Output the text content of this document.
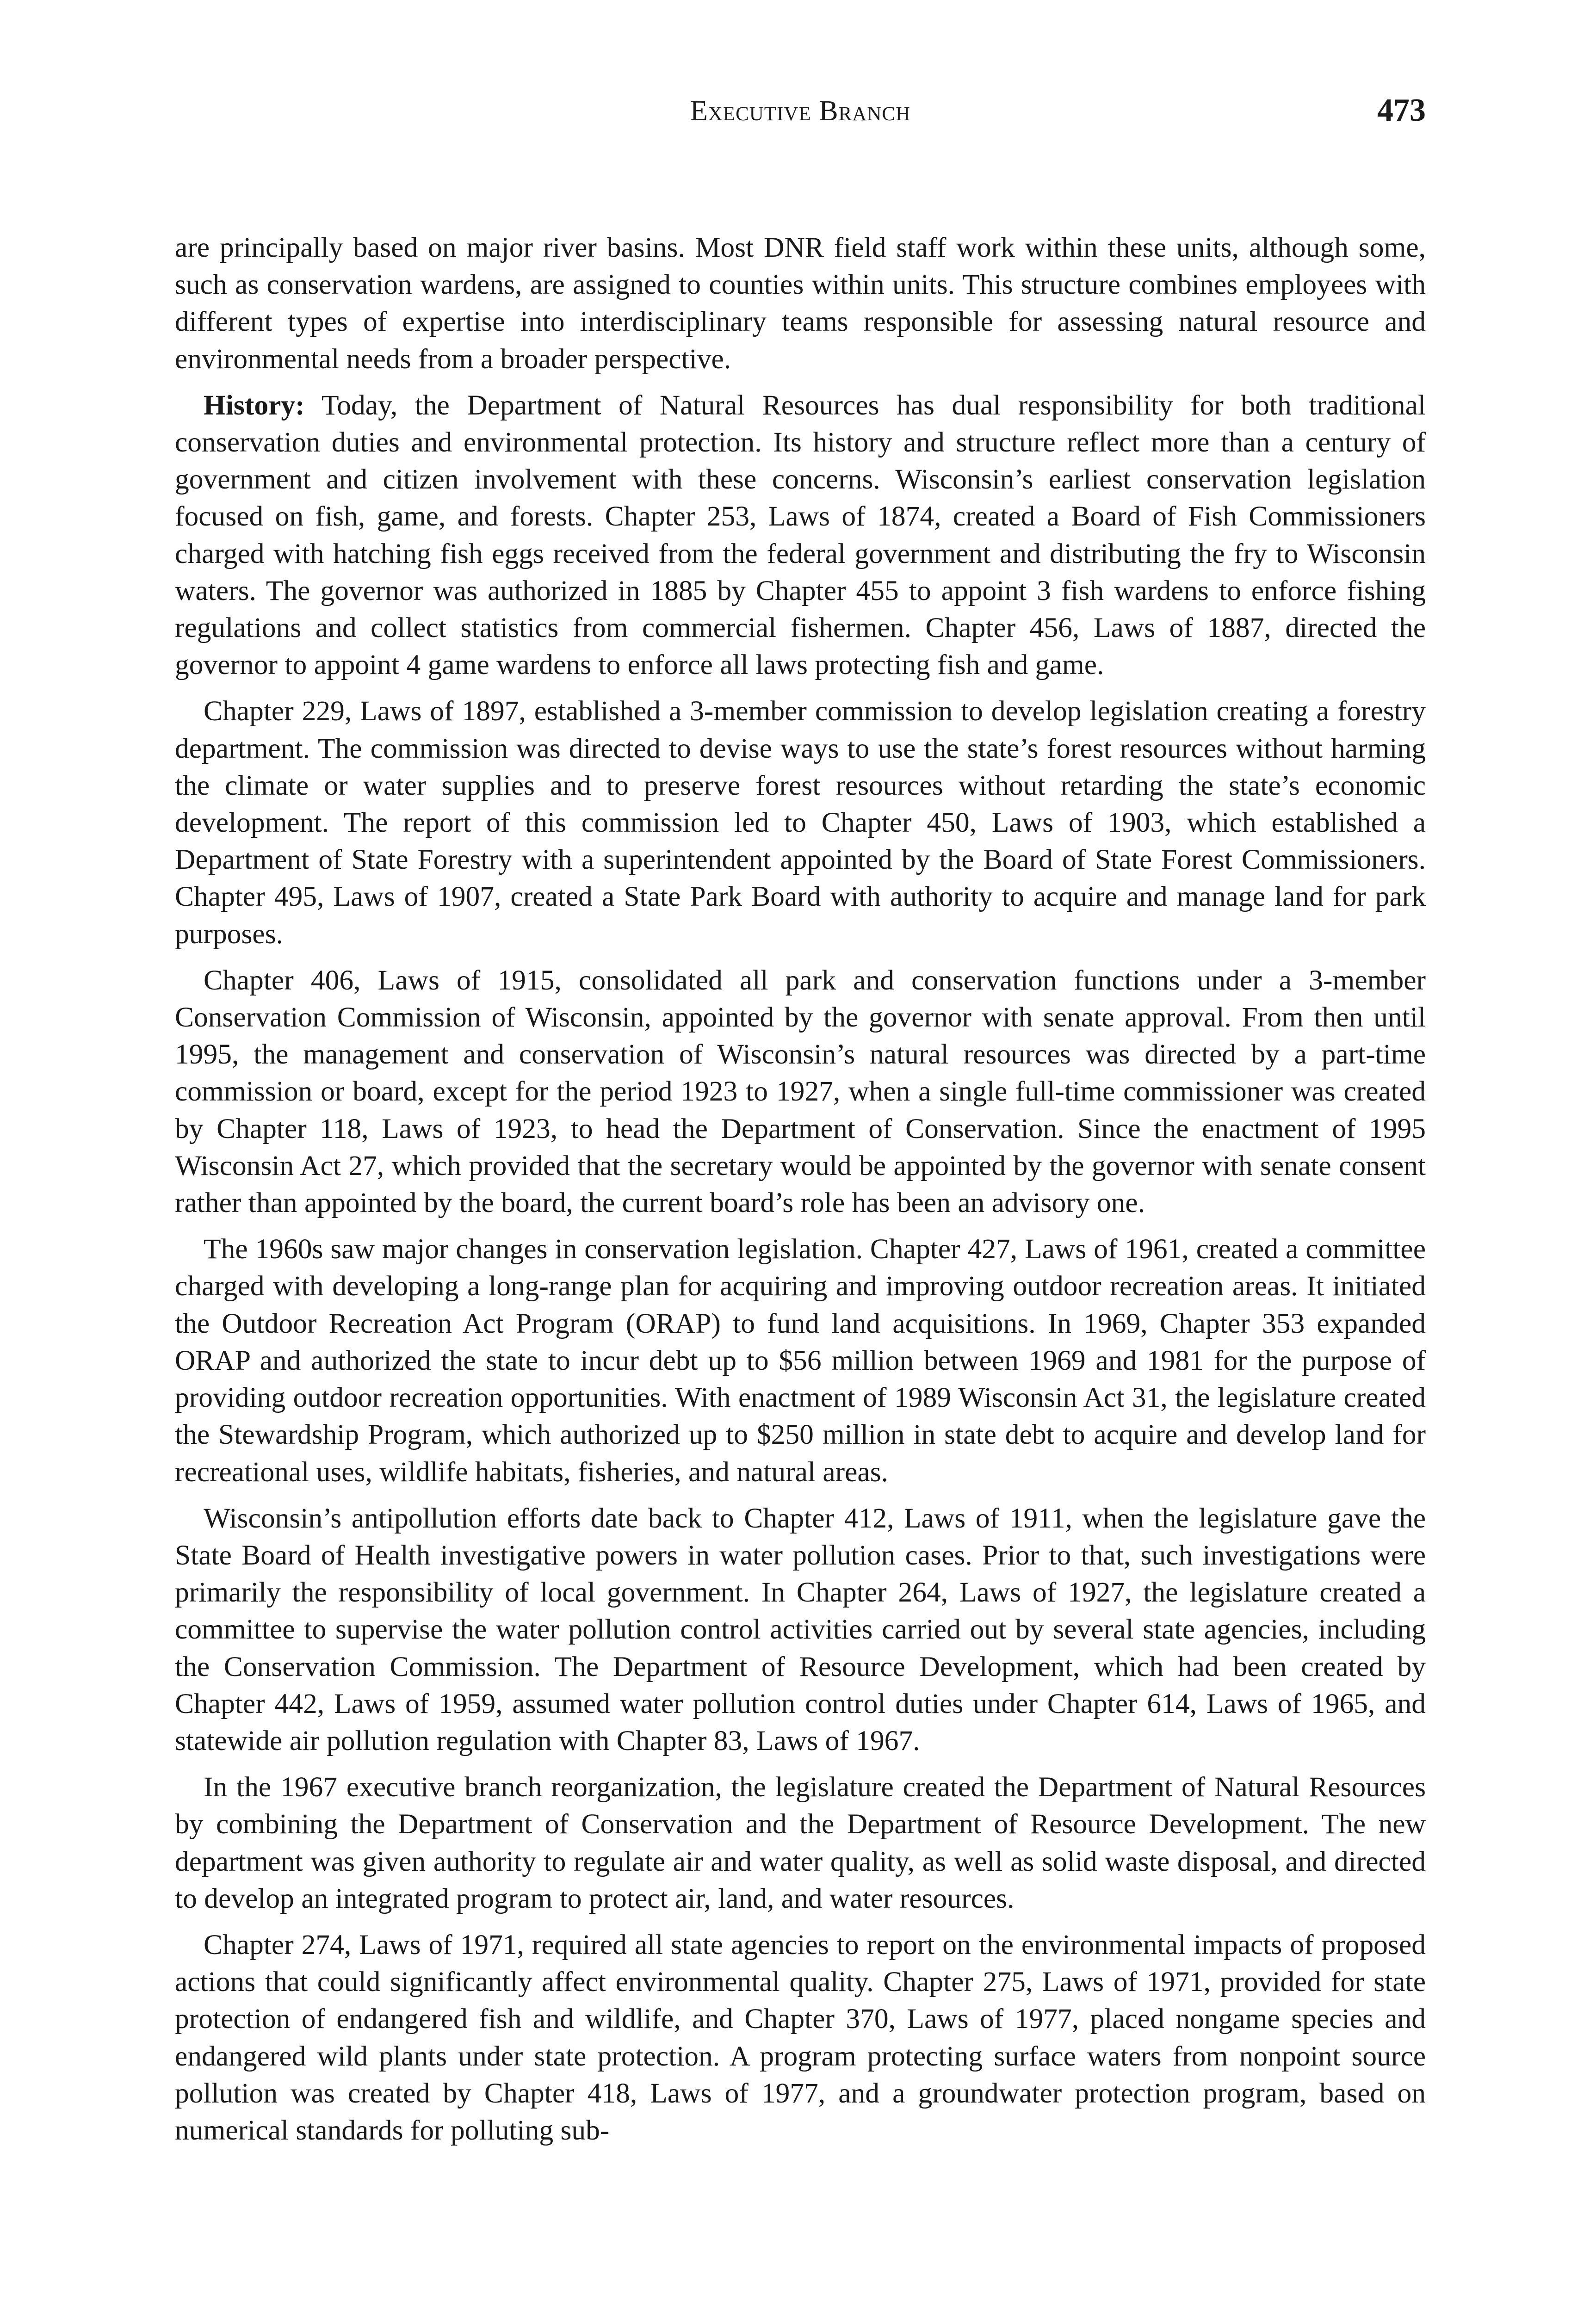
Executive Branch	473

are principally based on major river basins. Most DNR field staff work within these units, although some, such as conservation wardens, are assigned to counties within units. This structure combines employees with different types of expertise into interdisciplinary teams responsible for assessing natural resource and environmental needs from a broader perspective.

History: Today, the Department of Natural Resources has dual responsibility for both traditional conservation duties and environmental protection. Its history and structure reflect more than a century of government and citizen involvement with these concerns. Wisconsin’s earliest conservation legislation focused on fish, game, and forests. Chapter 253, Laws of 1874, created a Board of Fish Commissioners charged with hatching fish eggs received from the federal government and distributing the fry to Wisconsin waters. The governor was authorized in 1885 by Chapter 455 to appoint 3 fish wardens to enforce fishing regulations and collect statistics from commercial fishermen. Chapter 456, Laws of 1887, directed the governor to appoint 4 game wardens to enforce all laws protecting fish and game.

Chapter 229, Laws of 1897, established a 3-member commission to develop legislation creating a forestry department. The commission was directed to devise ways to use the state’s forest resources without harming the climate or water supplies and to preserve forest resources without retarding the state’s economic development. The report of this commission led to Chapter 450, Laws of 1903, which established a Department of State Forestry with a superintendent appointed by the Board of State Forest Commissioners. Chapter 495, Laws of 1907, created a State Park Board with authority to acquire and manage land for park purposes.

Chapter 406, Laws of 1915, consolidated all park and conservation functions under a 3-member Conservation Commission of Wisconsin, appointed by the governor with senate approval. From then until 1995, the management and conservation of Wisconsin’s natural resources was directed by a part-time commission or board, except for the period 1923 to 1927, when a single full-time commissioner was created by Chapter 118, Laws of 1923, to head the Department of Conservation. Since the enactment of 1995 Wisconsin Act 27, which provided that the secretary would be appointed by the governor with senate consent rather than appointed by the board, the current board’s role has been an advisory one.

The 1960s saw major changes in conservation legislation. Chapter 427, Laws of 1961, created a committee charged with developing a long-range plan for acquiring and improving outdoor recreation areas. It initiated the Outdoor Recreation Act Program (ORAP) to fund land acquisitions. In 1969, Chapter 353 expanded ORAP and authorized the state to incur debt up to $56 million between 1969 and 1981 for the purpose of providing outdoor recreation opportunities. With enactment of 1989 Wisconsin Act 31, the legislature created the Stewardship Program, which authorized up to $250 million in state debt to acquire and develop land for recreational uses, wildlife habitats, fisheries, and natural areas.

Wisconsin’s antipollution efforts date back to Chapter 412, Laws of 1911, when the legislature gave the State Board of Health investigative powers in water pollution cases. Prior to that, such investigations were primarily the responsibility of local government. In Chapter 264, Laws of 1927, the legislature created a committee to supervise the water pollution control activities carried out by several state agencies, including the Conservation Commission. The Department of Resource Development, which had been created by Chapter 442, Laws of 1959, assumed water pollution control duties under Chapter 614, Laws of 1965, and statewide air pollution regulation with Chapter 83, Laws of 1967.

In the 1967 executive branch reorganization, the legislature created the Department of Natural Resources by combining the Department of Conservation and the Department of Resource Development. The new department was given authority to regulate air and water quality, as well as solid waste disposal, and directed to develop an integrated program to protect air, land, and water resources.

Chapter 274, Laws of 1971, required all state agencies to report on the environmental impacts of proposed actions that could significantly affect environmental quality. Chapter 275, Laws of 1971, provided for state protection of endangered fish and wildlife, and Chapter 370, Laws of 1977, placed nongame species and endangered wild plants under state protection. A program protecting surface waters from nonpoint source pollution was created by Chapter 418, Laws of 1977, and a groundwater protection program, based on numerical standards for polluting sub-
